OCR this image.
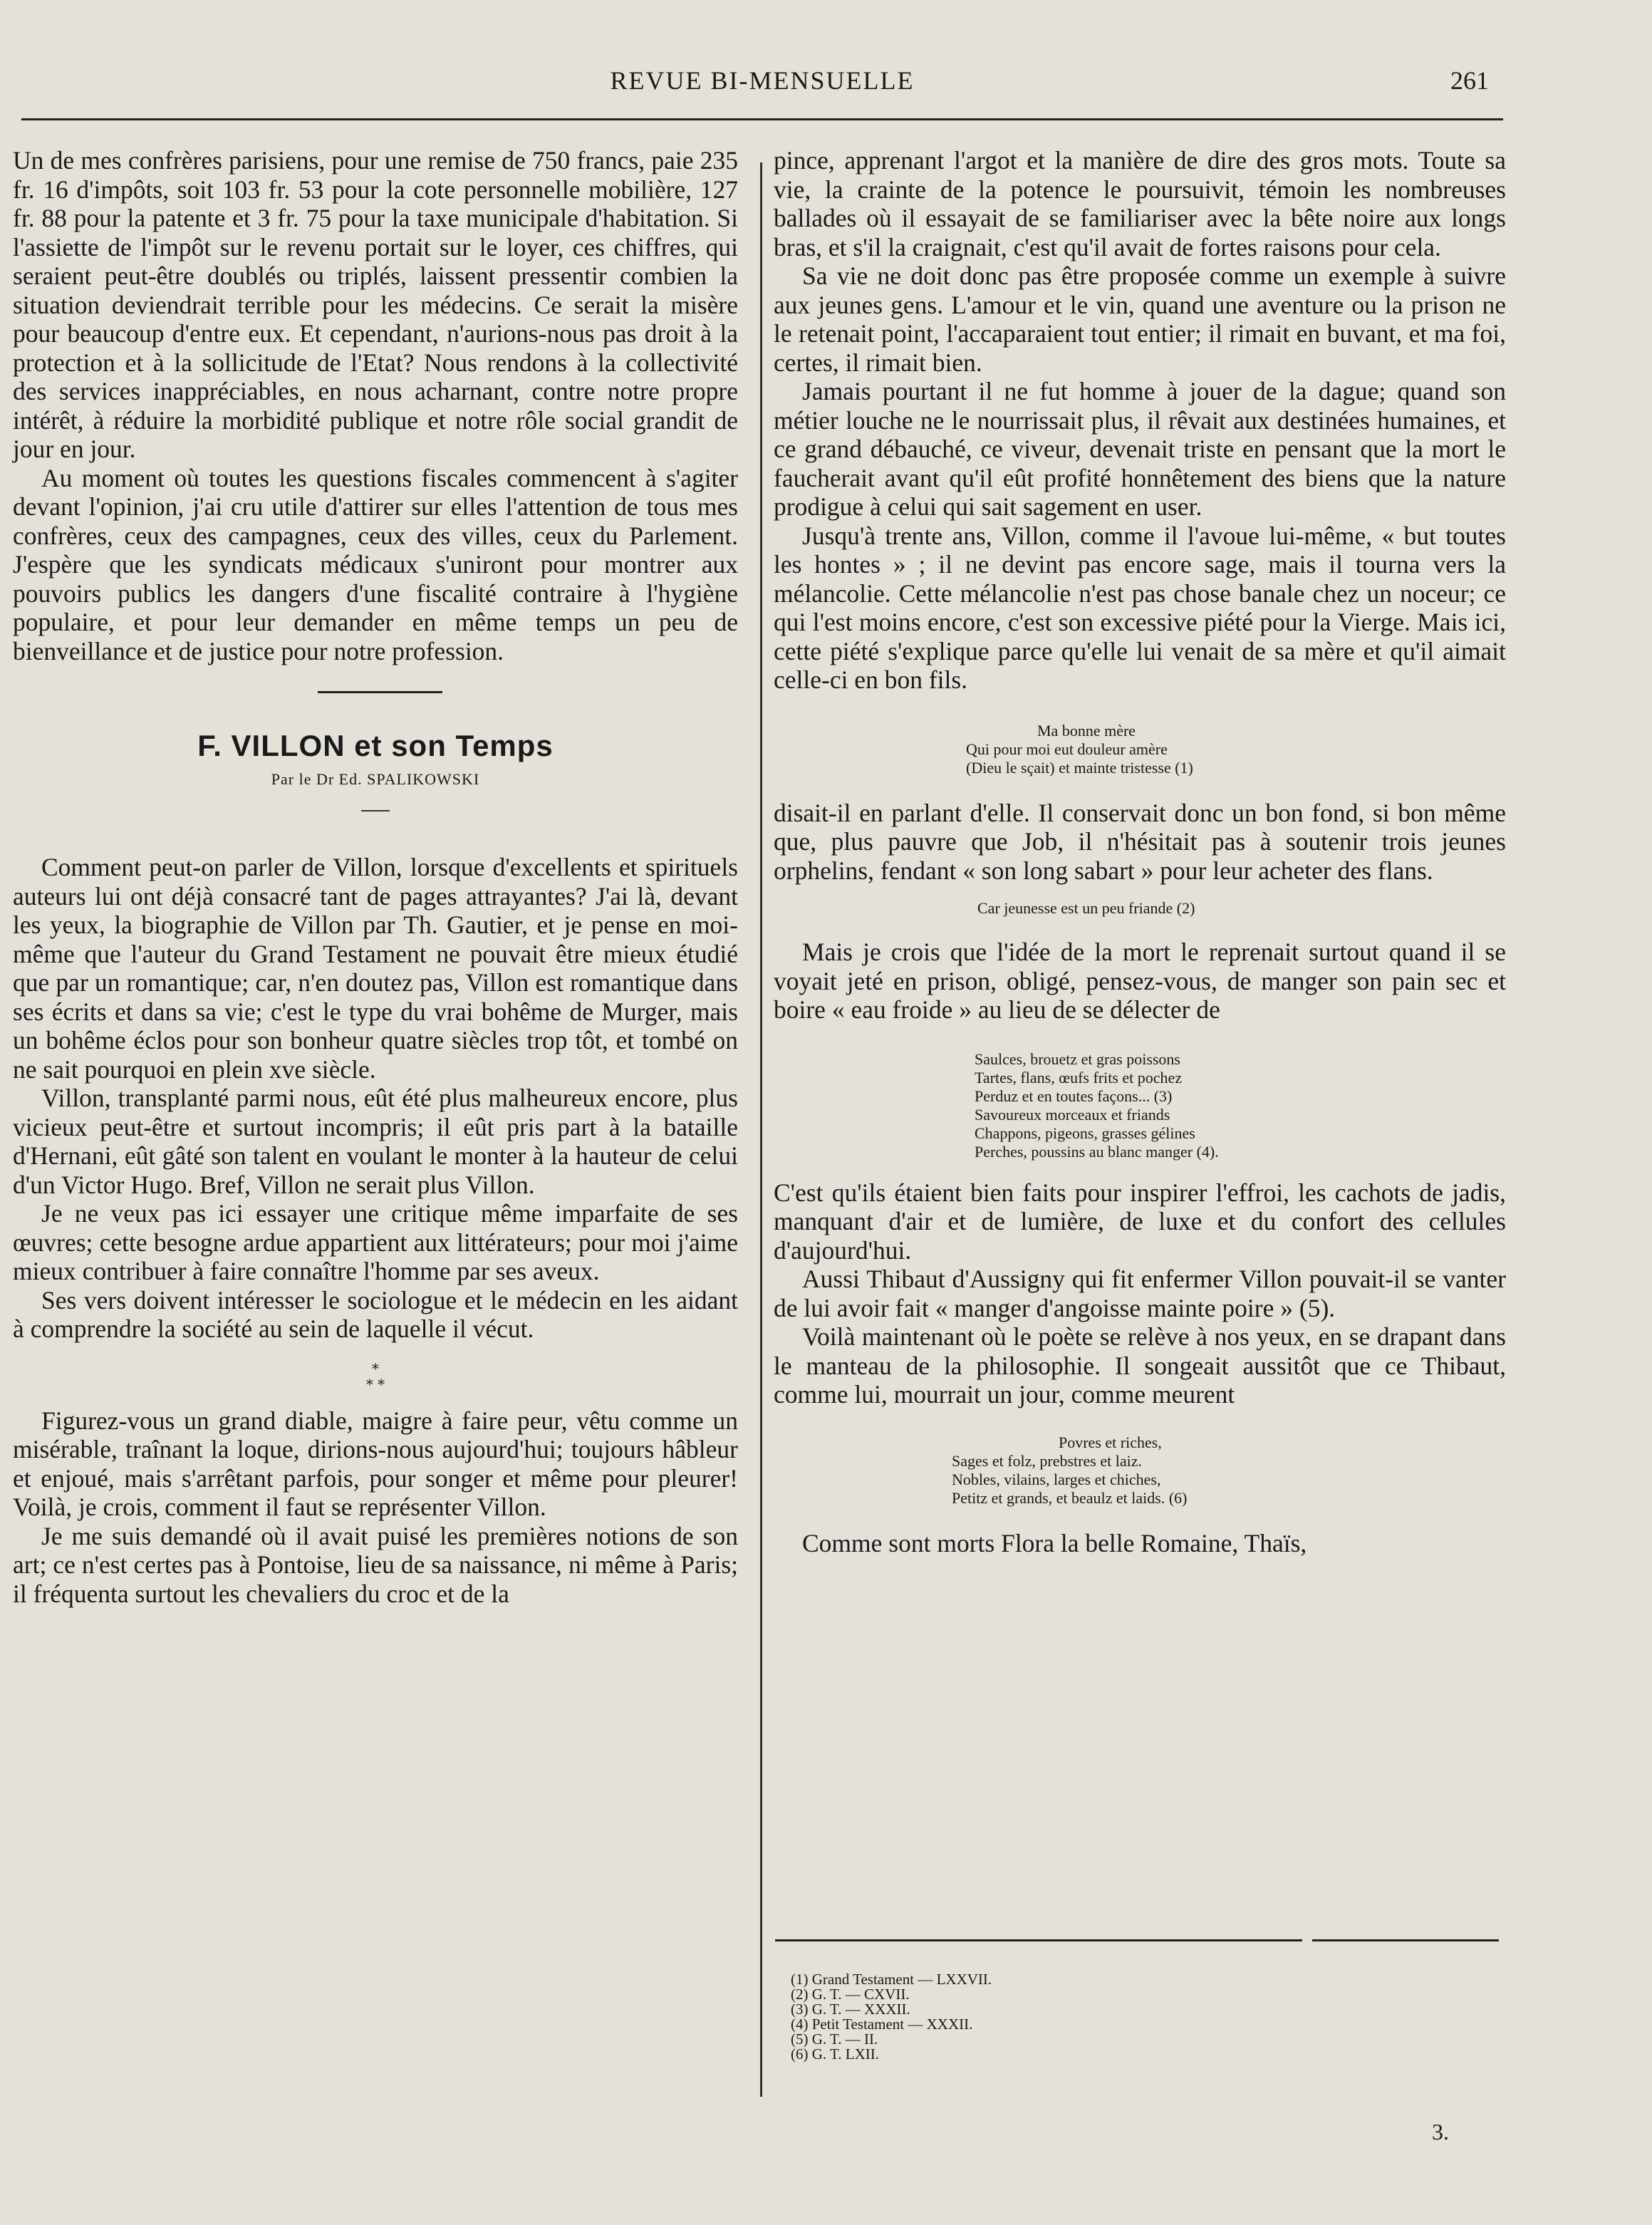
REVUE BI-MENSUELLE	261

Un de mes confrères parisiens, pour une remise de 750 francs, paie 235 fr. 16 d'impôts, soit 103 fr. 53 pour la cote personnelle mobilière, 127 fr. 88 pour la patente et 3 fr. 75 pour la taxe municipale d'habitation. Si l'assiette de l'impôt sur le revenu portait sur le loyer, ces chiffres, qui seraient peut-être doublés ou triplés, laissent pressentir combien la situation deviendrait terrible pour les médecins. Ce serait la misère pour beaucoup d'entre eux. Et cependant, n'aurions-nous pas droit à la protection et à la sollicitude de l'Etat? Nous rendons à la collectivité des services inappréciables, en nous acharnant, contre notre propre intérêt, à réduire la morbidité publique et notre rôle social grandit de jour en jour.

Au moment où toutes les questions fiscales commencent à s'agiter devant l'opinion, j'ai cru utile d'attirer sur elles l'attention de tous mes confrères, ceux des campagnes, ceux des villes, ceux du Parlement. J'espère que les syndicats médicaux s'uniront pour montrer aux pouvoirs publics les dangers d'une fiscalité contraire à l'hygiène populaire, et pour leur demander en même temps un peu de bienveillance et de justice pour notre profession.

F. VILLON et son Temps
Par le Dr Ed. SPALIKOWSKI

Comment peut-on parler de Villon, lorsque d'excellents et spirituels auteurs lui ont déjà consacré tant de pages attrayantes? J'ai là, devant les yeux, la biographie de Villon par Th. Gautier, et je pense en moi-même que l'auteur du Grand Testament ne pouvait être mieux étudié que par un romantique; car, n'en doutez pas, Villon est romantique dans ses écrits et dans sa vie; c'est le type du vrai bohême de Murger, mais un bohême éclos pour son bonheur quatre siècles trop tôt, et tombé on ne sait pourquoi en plein xve siècle.

Villon, transplanté parmi nous, eût été plus malheureux encore, plus vicieux peut-être et surtout incompris; il eût pris part à la bataille d'Hernani, eût gâté son talent en voulant le monter à la hauteur de celui d'un Victor Hugo. Bref, Villon ne serait plus Villon.

Je ne veux pas ici essayer une critique même imparfaite de ses œuvres; cette besogne ardue appartient aux littérateurs; pour moi j'aime mieux contribuer à faire connaître l'homme par ses aveux.

Ses vers doivent intéresser le sociologue et le médecin en les aidant à comprendre la société au sein de laquelle il vécut.

*
* *

Figurez-vous un grand diable, maigre à faire peur, vêtu comme un misérable, traînant la loque, dirions-nous aujourd'hui; toujours hâbleur et enjoué, mais s'arrêtant parfois, pour songer et même pour pleurer! Voilà, je crois, comment il faut se représenter Villon.

Je me suis demandé où il avait puisé les premières notions de son art; ce n'est certes pas à Pontoise, lieu de sa naissance, ni même à Paris; il fréquenta surtout les chevaliers du croc et de la

pince, apprenant l'argot et la manière de dire des gros mots. Toute sa vie, la crainte de la potence le poursuivit, témoin les nombreuses ballades où il essayait de se familiariser avec la bête noire aux longs bras, et s'il la craignait, c'est qu'il avait de fortes raisons pour cela.

Sa vie ne doit donc pas être proposée comme un exemple à suivre aux jeunes gens. L'amour et le vin, quand une aventure ou la prison ne le retenait point, l'accaparaient tout entier; il rimait en buvant, et ma foi, certes, il rimait bien.

Jamais pourtant il ne fut homme à jouer de la dague; quand son métier louche ne le nourrissait plus, il rêvait aux destinées humaines, et ce grand débauché, ce viveur, devenait triste en pensant que la mort le faucherait avant qu'il eût profité honnêtement des biens que la nature prodigue à celui qui sait sagement en user.

Jusqu'à trente ans, Villon, comme il l'avoue lui-même, « but toutes les hontes » ; il ne devint pas encore sage, mais il tourna vers la mélancolie. Cette mélancolie n'est pas chose banale chez un noceur; ce qui l'est moins encore, c'est son excessive piété pour la Vierge. Mais ici, cette piété s'explique parce qu'elle lui venait de sa mère et qu'il aimait celle-ci en bon fils.

Ma bonne mère
Qui pour moi eut douleur amère
(Dieu le sçait) et mainte tristesse (1)

disait-il en parlant d'elle. Il conservait donc un bon fond, si bon même que, plus pauvre que Job, il n'hésitait pas à soutenir trois jeunes orphelins, fendant « son long sabart » pour leur acheter des flans.

Car jeunesse est un peu friande (2)

Mais je crois que l'idée de la mort le reprenait surtout quand il se voyait jeté en prison, obligé, pensez-vous, de manger son pain sec et boire « eau froide » au lieu de se délecter de

Saulces, brouetz et gras poissons
Tartes, flans, œufs frits et pochez
Perduz et en toutes façons... (3)
Savoureux morceaux et friands
Chappons, pigeons, grasses gélines
Perches, poussins au blanc manger (4).

C'est qu'ils étaient bien faits pour inspirer l'effroi, les cachots de jadis, manquant d'air et de lumière, de luxe et du confort des cellules d'aujourd'hui.

Aussi Thibaut d'Aussigny qui fit enfermer Villon pouvait-il se vanter de lui avoir fait « manger d'angoisse mainte poire » (5).

Voilà maintenant où le poète se relève à nos yeux, en se drapant dans le manteau de la philosophie. Il songeait aussitôt que ce Thibaut, comme lui, mourrait un jour, comme meurent

Povres et riches,
Sages et folz, prebstres et laiz.
Nobles, vilains, larges et chiches,
Petitz et grands, et beaulz et laids. (6)

Comme sont morts Flora la belle Romaine, Thaïs,

(1) Grand Testament — LXXVII.
(2) G. T. — CXVII.
(3) G. T. — XXXII.
(4) Petit Testament — XXXII.
(5) G. T. — II.
(6) G. T. LXII.
3.
